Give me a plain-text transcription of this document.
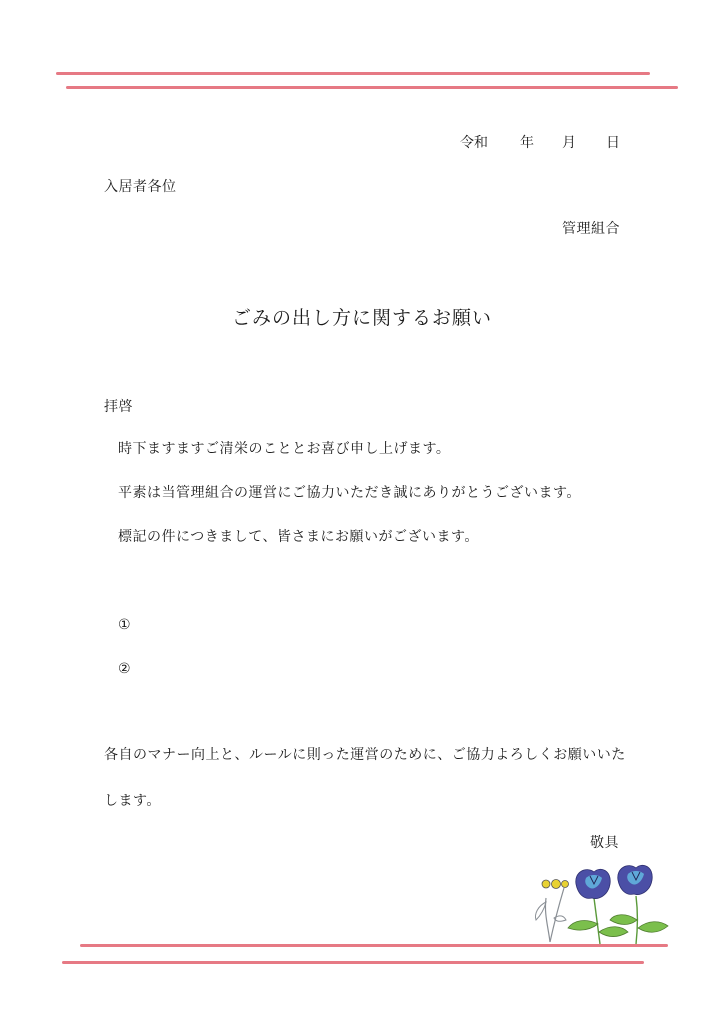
令和 年 月 日
入居者各位
管理組合
ごみの出し方に関するお願い
拝啓
時下ますますご清栄のこととお喜び申し上げます。
平素は当管理組合の運営にご協力いただき誠にありがとうございます。
標記の件につきまして、皆さまにお願いがございます。
①
②
各自のマナー向上と、ルールに則った運営のために、ご協力よろしくお願いいた
します。
敬具
